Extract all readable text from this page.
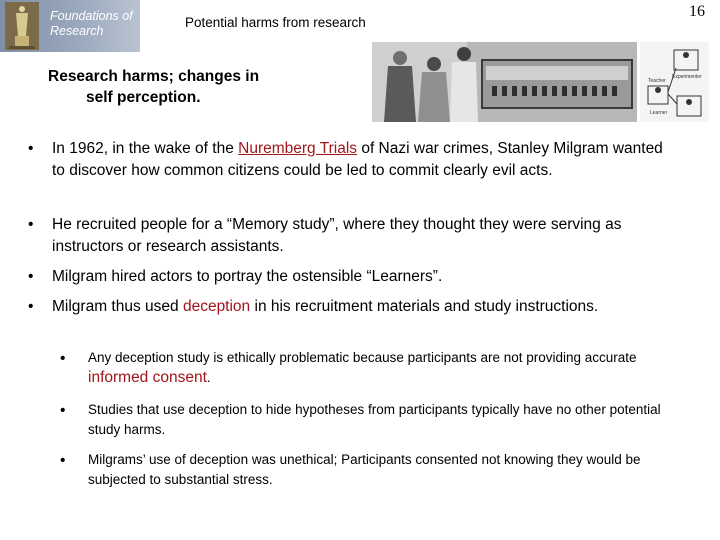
Foundations of
Research
Potential harms from research
16
Research harms; changes in
self perception.
Teacher
Learner
Experimenter
• In 1962, in the wake of the Nuremberg Trials of Nazi war crimes, Stanley Milgram wanted to discover how common citizens could be led to commit clearly evil acts.
• He recruited people for a “Memory study”, where they thought they were serving as instructors or research assistants.
• Milgram hired actors to portray the ostensible “Learners”.
• Milgram thus used deception in his recruitment materials and study instructions.
• Any deception study is ethically problematic because participants are not providing accurate informed consent.
• Studies that use deception to hide hypotheses from participants typically have no other potential study harms.
• Milgrams’ use of deception was unethical; Participants consented not knowing they would be subjected to substantial stress.
